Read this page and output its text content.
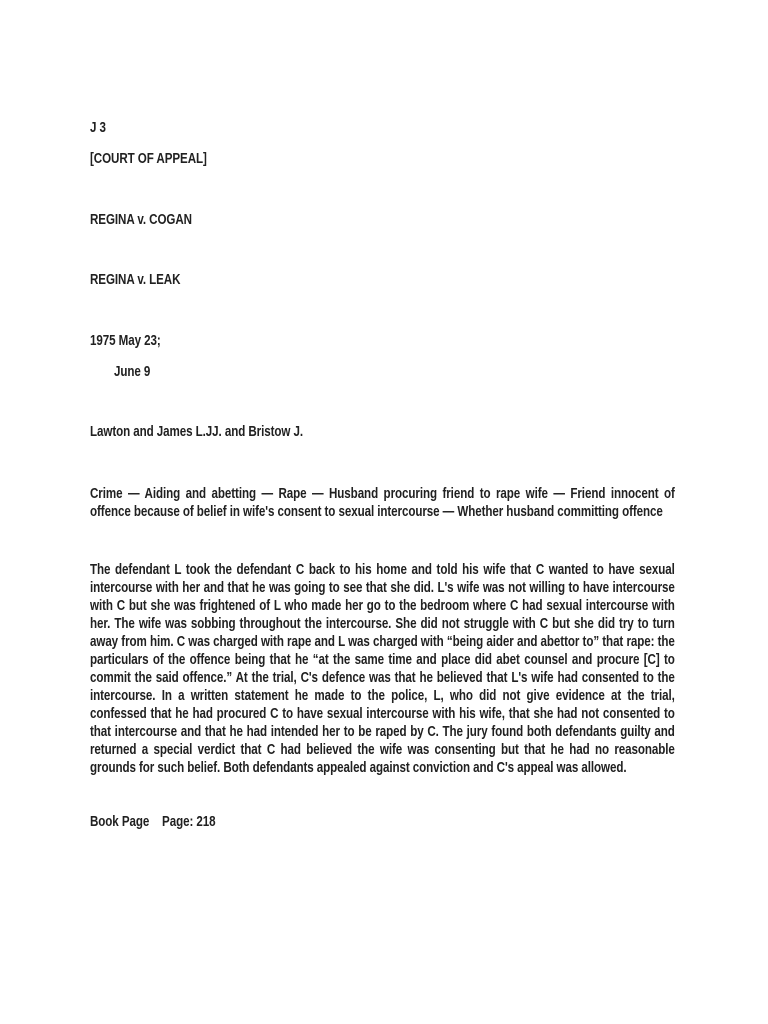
J 3
[COURT OF APPEAL]
REGINA v. COGAN
REGINA v. LEAK
1975 May 23;
June 9
Lawton and James L.JJ. and Bristow J.
Crime — Aiding and abetting — Rape — Husband procuring friend to rape wife — Friend innocent of offence because of belief in wife's consent to sexual intercourse — Whether husband committing offence
The defendant L took the defendant C back to his home and told his wife that C wanted to have sexual intercourse with her and that he was going to see that she did. L's wife was not willing to have intercourse with C but she was frightened of L who made her go to the bedroom where C had sexual intercourse with her. The wife was sobbing throughout the intercourse. She did not struggle with C but she did try to turn away from him. C was charged with rape and L was charged with “being aider and abettor to” that rape: the particulars of the offence being that he “at the same time and place did abet counsel and procure [C] to commit the said offence.” At the trial, C's defence was that he believed that L's wife had consented to the intercourse. In a written statement he made to the police, L, who did not give evidence at the trial, confessed that he had procured C to have sexual intercourse with his wife, that she had not consented to that intercourse and that he had intended her to be raped by C. The jury found both defendants guilty and returned a special verdict that C had believed the wife was consenting but that he had no reasonable grounds for such belief. Both defendants appealed against conviction and C's appeal was allowed.
Book Page Page: 218
